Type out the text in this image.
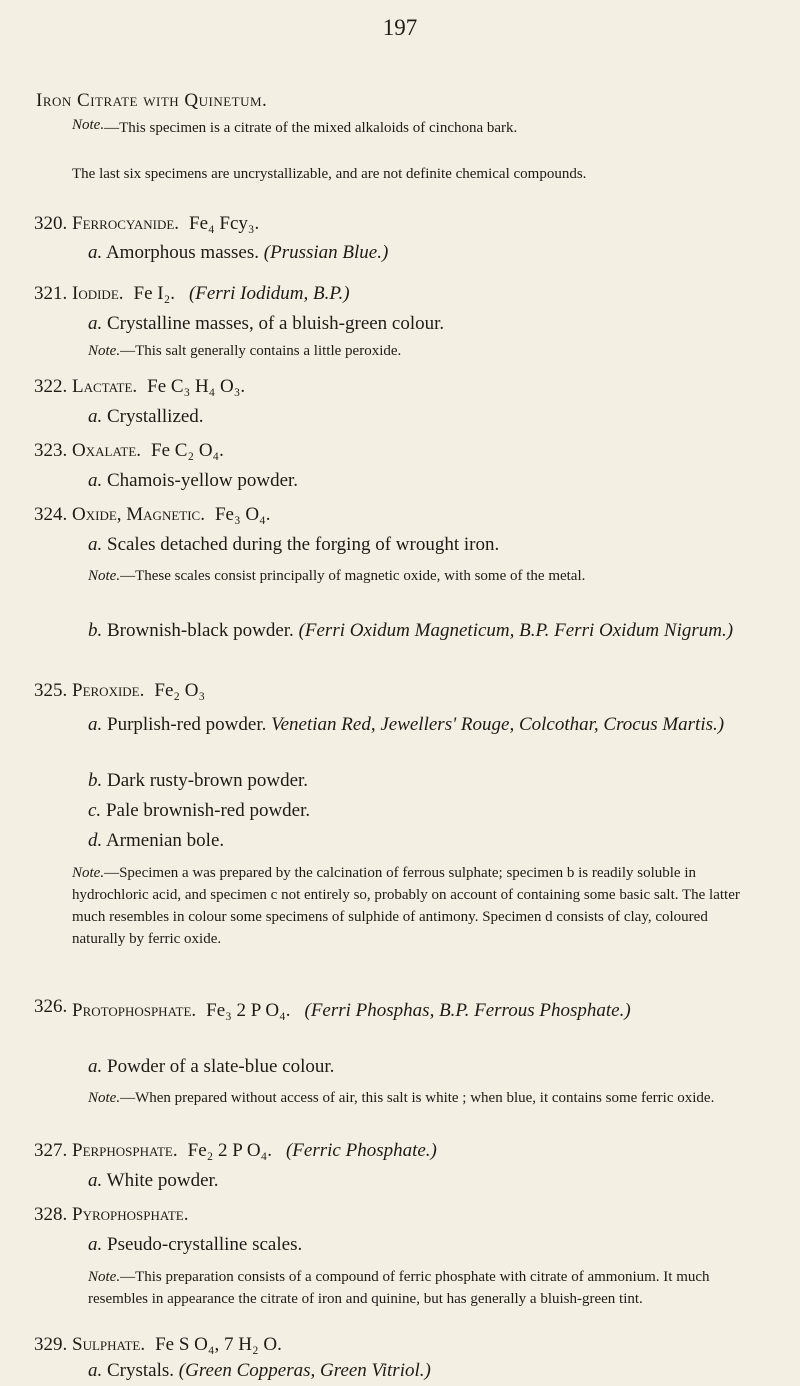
197
Iron Citrate with Quinetum.
Note.—This specimen is a citrate of the mixed alkaloids of cinchona bark.
The last six specimens are uncrystallizable, and are not definite chemical compounds.
320. Ferrocyanide. Fe₄ Fcy₃.
a. Amorphous masses. (Prussian Blue.)
321. Iodide. Fe I₂. (Ferri Iodidum, B.P.)
a. Crystalline masses, of a bluish-green colour.
Note.—This salt generally contains a little peroxide.
322. Lactate. Fe C₃ H₄ O₃.
a. Crystallized.
323. Oxalate. Fe C₂ O₄.
a. Chamois-yellow powder.
324. Oxide, Magnetic. Fe₃ O₄.
a. Scales detached during the forging of wrought iron.
Note.—These scales consist principally of magnetic oxide, with some of the metal.
b. Brownish-black powder. (Ferri Oxidum Magneticum, B.P. Ferri Oxidum Nigrum.)
325. Peroxide. Fe₂ O₃
a. Purplish-red powder. Venetian Red, Jewellers' Rouge, Colcothar, Crocus Martis.)
b. Dark rusty-brown powder.
c. Pale brownish-red powder.
d. Armenian bole.
Note.—Specimen a was prepared by the calcination of ferrous sulphate; specimen b is readily soluble in hydrochloric acid, and specimen c not entirely so, probably on account of containing some basic salt. The latter much resembles in colour some specimens of sulphide of antimony. Specimen d consists of clay, coloured naturally by ferric oxide.
326. Protophosphate. Fe₃ 2 P O₄. (Ferri Phosphas, B.P. Ferrous Phosphate.)
a. Powder of a slate-blue colour.
Note.—When prepared without access of air, this salt is white ; when blue, it contains some ferric oxide.
327. Perphosphate. Fe₂ 2 P O₄. (Ferric Phosphate.)
a. White powder.
328. Pyrophosphate.
a. Pseudo-crystalline scales.
Note.—This preparation consists of a compound of ferric phosphate with citrate of ammonium. It much resembles in appearance the citrate of iron and quinine, but has generally a bluish-green tint.
329. Sulphate. Fe S O₄, 7 H₂ O.
a. Crystals. (Green Copperas, Green Vitriol.)
